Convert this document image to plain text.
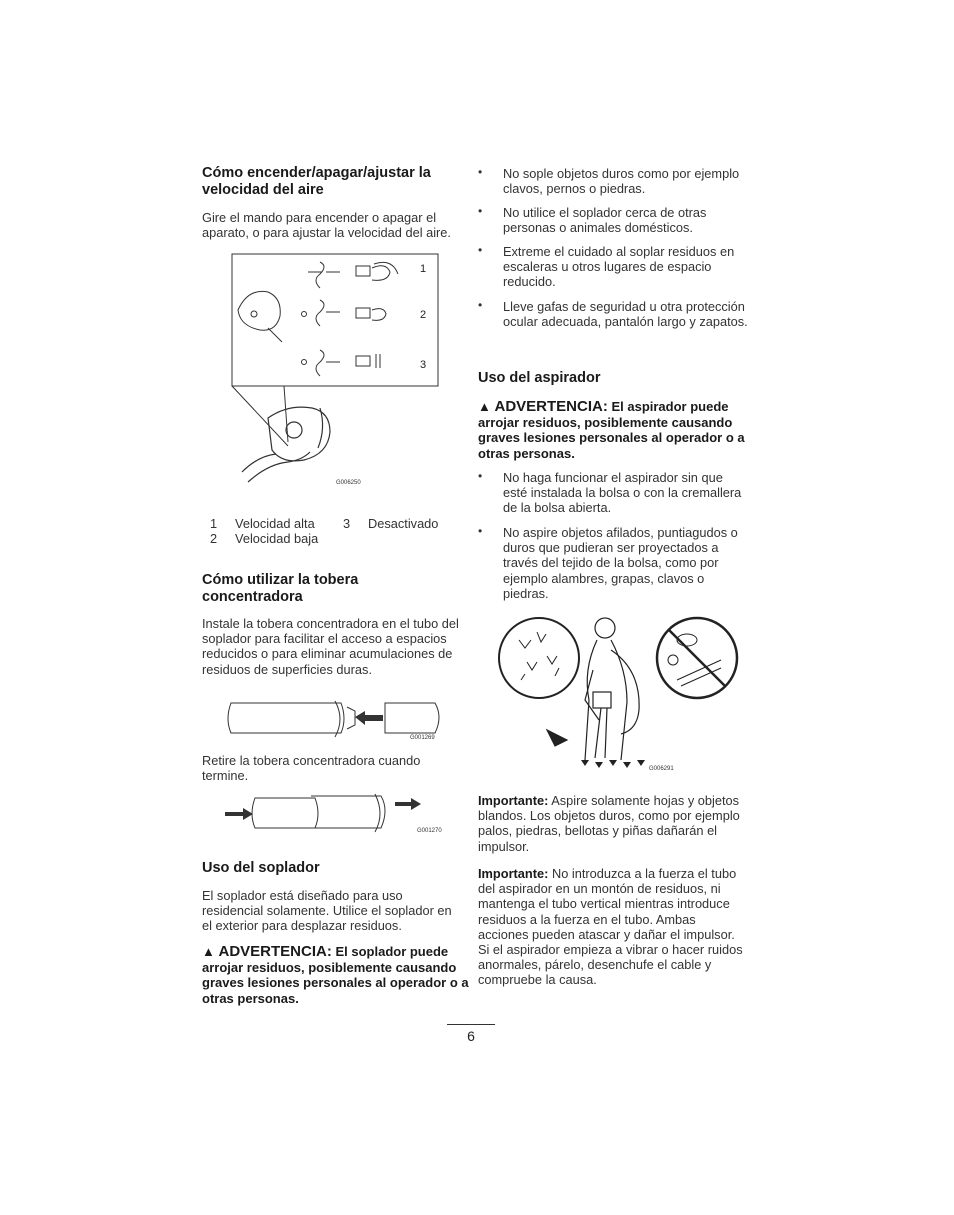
Cómo encender/apagar/ajustar la velocidad del aire

Gire el mando para encender o apagar el aparato, o para ajustar la velocidad del aire.

1
2
3
G006250
1 Velocidad alta
2 Velocidad baja
3 Desactivado
Cómo utilizar la tobera concentradora

Instale la tobera concentradora en el tubo del soplador para facilitar el acceso a espacios reducidos o para eliminar acumulaciones de residuos de superficies duras.

G001269

Retire la tobera concentradora cuando termine.

G001270
Uso del soplador

El soplador está diseñado para uso residencial solamente. Utilice el soplador en el exterior para desplazar residuos.

▲ ADVERTENCIA: El soplador puede arrojar residuos, posiblemente causando graves lesiones personales al operador o a otras personas.
• No sople objetos duros como por ejemplo clavos, pernos o piedras.
• No utilice el soplador cerca de otras personas o animales domésticos.
• Extreme el cuidado al soplar residuos en escaleras u otros lugares de espacio reducido.
• Lleve gafas de seguridad u otra protección ocular adecuada, pantalón largo y zapatos.
Uso del aspirador
▲ ADVERTENCIA: El aspirador puede arrojar residuos, posiblemente causando graves lesiones personales al operador o a otras personas.
• No haga funcionar el aspirador sin que esté instalada la bolsa o con la cremallera de la bolsa abierta.
• No aspire objetos afilados, puntiagudos o duros que pudieran ser proyectados a través del tejido de la bolsa, como por ejemplo alambres, grapas, clavos o piedras.
G006291
Importante: Aspire solamente hojas y objetos blandos. Los objetos duros, como por ejemplo palos, piedras, bellotas y piñas dañarán el impulsor.
Importante: No introduzca a la fuerza el tubo del aspirador en un montón de residuos, ni mantenga el tubo vertical mientras introduce residuos a la fuerza en el tubo. Ambas acciones pueden atascar y dañar el impulsor. Si el aspirador empieza a vibrar o hacer ruidos anormales, párelo, desenchufe el cable y compruebe la causa.
6
